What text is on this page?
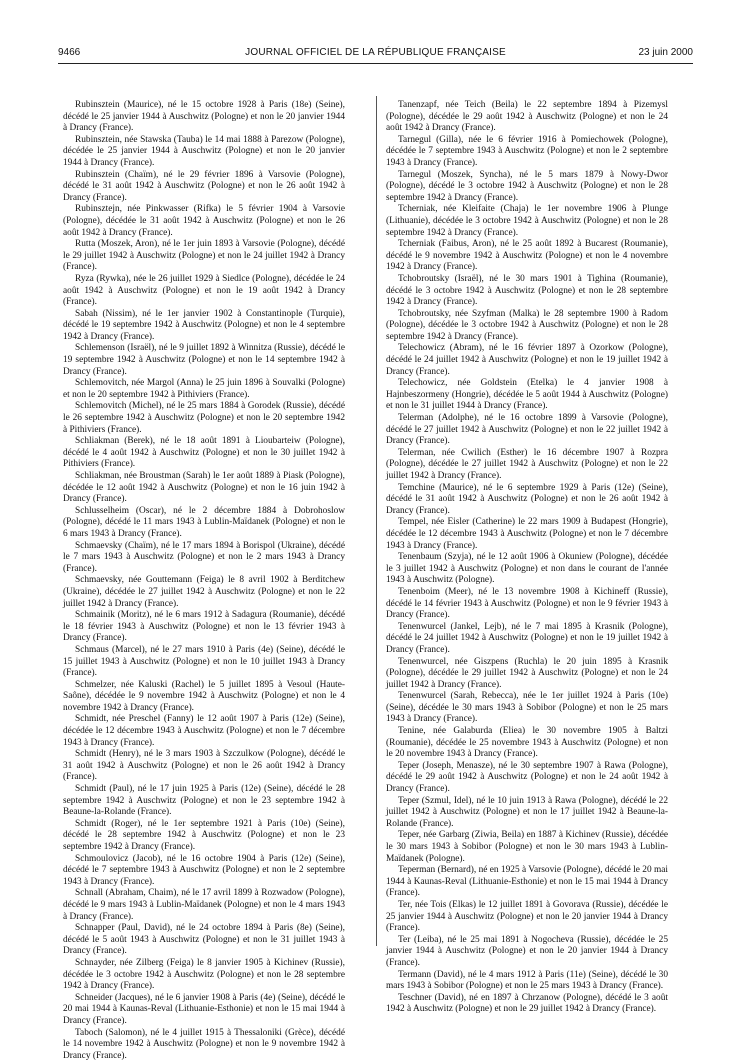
9466	JOURNAL OFFICIEL DE LA RÉPUBLIQUE FRANÇAISE	23 juin 2000

Rubinsztein (Maurice), né le 15 octobre 1928 à Paris (18e) (Seine), décédé le 25 janvier 1944 à Auschwitz (Pologne) et non le 20 janvier 1944 à Drancy (France).

Rubinsztein, née Stawska (Tauba) le 14 mai 1888 à Parezow (Pologne), décédée le 25 janvier 1944 à Auschwitz (Pologne) et non le 20 janvier 1944 à Drancy (France).

Rubinsztein (Chaïm), né le 29 février 1896 à Varsovie (Pologne), décédé le 31 août 1942 à Auschwitz (Pologne) et non le 26 août 1942 à Drancy (France).

Rubinsztejn, née Pinkwasser (Rifka) le 5 février 1904 à Varsovie (Pologne), décédée le 31 août 1942 à Auschwitz (Pologne) et non le 26 août 1942 à Drancy (France).

Rutta (Moszek, Aron), né le 1er juin 1893 à Varsovie (Pologne), décédé le 29 juillet 1942 à Auschwitz (Pologne) et non le 24 juillet 1942 à Drancy (France).

Ryza (Rywka), née le 26 juillet 1929 à Siedlce (Pologne), décédée le 24 août 1942 à Auschwitz (Pologne) et non le 19 août 1942 à Drancy (France).

Sabah (Nissim), né le 1er janvier 1902 à Constantinople (Turquie), décédé le 19 septembre 1942 à Auschwitz (Pologne) et non le 4 septembre 1942 à Drancy (France).

Schlemenson (Israël), né le 9 juillet 1892 à Winnitza (Russie), décédé le 19 septembre 1942 à Auschwitz (Pologne) et non le 14 septembre 1942 à Drancy (France).

Schlemovitch, née Margol (Anna) le 25 juin 1896 à Souvalki (Pologne) et non le 20 septembre 1942 à Pithiviers (France).

Schlemovitch (Michel), né le 25 mars 1884 à Gorodek (Russie), décédé le 26 septembre 1942 à Auschwitz (Pologne) et non le 20 septembre 1942 à Pithiviers (France).

Schliakman (Berek), né le 18 août 1891 à Lioubarteiw (Pologne), décédé le 4 août 1942 à Auschwitz (Pologne) et non le 30 juillet 1942 à Pithiviers (France).

Schliakman, née Broustman (Sarah) le 1er août 1889 à Piask (Pologne), décédée le 12 août 1942 à Auschwitz (Pologne) et non le 16 juin 1942 à Drancy (France).

Schlusselheim (Oscar), né le 2 décembre 1884 à Dobrohoslow (Pologne), décédé le 11 mars 1943 à Lublin-Maïdanek (Pologne) et non le 6 mars 1943 à Drancy (France).

Schmaevsky (Chaïm), né le 17 mars 1894 à Borispol (Ukraine), décédé le 7 mars 1943 à Auschwitz (Pologne) et non le 2 mars 1943 à Drancy (France).

Schmaevsky, née Gouttemann (Feiga) le 8 avril 1902 à Berditchew (Ukraine), décédée le 27 juillet 1942 à Auschwitz (Pologne) et non le 22 juillet 1942 à Drancy (France).

Schmainik (Moritz), né le 6 mars 1912 à Sadagura (Roumanie), décédé le 18 février 1943 à Auschwitz (Pologne) et non le 13 février 1943 à Drancy (France).

Schmaus (Marcel), né le 27 mars 1910 à Paris (4e) (Seine), décédé le 15 juillet 1943 à Auschwitz (Pologne) et non le 10 juillet 1943 à Drancy (France).

Schmelzer, née Kaluski (Rachel) le 5 juillet 1895 à Vesoul (Haute-Saône), décédée le 9 novembre 1942 à Auschwitz (Pologne) et non le 4 novembre 1942 à Drancy (France).

Schmidt, née Preschel (Fanny) le 12 août 1907 à Paris (12e) (Seine), décédée le 12 décembre 1943 à Auschwitz (Pologne) et non le 7 décembre 1943 à Drancy (France).

Schmidt (Henry), né le 3 mars 1903 à Szczulkow (Pologne), décédé le 31 août 1942 à Auschwitz (Pologne) et non le 26 août 1942 à Drancy (France).

Schmidt (Paul), né le 17 juin 1925 à Paris (12e) (Seine), décédé le 28 septembre 1942 à Auschwitz (Pologne) et non le 23 septembre 1942 à Beaune-la-Rolande (France).

Schmidt (Roger), né le 1er septembre 1921 à Paris (10e) (Seine), décédé le 28 septembre 1942 à Auschwitz (Pologne) et non le 23 septembre 1942 à Drancy (France).

Schmoulovicz (Jacob), né le 16 octobre 1904 à Paris (12e) (Seine), décédé le 7 septembre 1943 à Auschwitz (Pologne) et non le 2 septembre 1943 à Drancy (France).

Schnall (Abraham, Chaim), né le 17 avril 1899 à Rozwadow (Pologne), décédé le 9 mars 1943 à Lublin-Maïdanek (Pologne) et non le 4 mars 1943 à Drancy (France).

Schnapper (Paul, David), né le 24 octobre 1894 à Paris (8e) (Seine), décédé le 5 août 1943 à Auschwitz (Pologne) et non le 31 juillet 1943 à Drancy (France).

Schnayder, née Zilberg (Feiga) le 8 janvier 1905 à Kichinev (Russie), décédée le 3 octobre 1942 à Auschwitz (Pologne) et non le 28 septembre 1942 à Drancy (France).

Schneider (Jacques), né le 6 janvier 1908 à Paris (4e) (Seine), décédé le 20 mai 1944 à Kaunas-Reval (Lithuanie-Esthonie) et non le 15 mai 1944 à Drancy (France).

Taboch (Salomon), né le 4 juillet 1915 à Thessaloniki (Grèce), décédé le 14 novembre 1942 à Auschwitz (Pologne) et non le 9 novembre 1942 à Drancy (France).

Tanenzapf, née Teich (Beila) le 22 septembre 1894 à Pizemysl (Pologne), décédée le 29 août 1942 à Auschwitz (Pologne) et non le 24 août 1942 à Drancy (France).

Tarnegul (Gilla), née le 6 février 1916 à Pomiechowek (Pologne), décédée le 7 septembre 1943 à Auschwitz (Pologne) et non le 2 septembre 1943 à Drancy (France).

Tarnegul (Moszek, Syncha), né le 5 mars 1879 à Nowy-Dwor (Pologne), décédé le 3 octobre 1942 à Auschwitz (Pologne) et non le 28 septembre 1942 à Drancy (France).

Tcherniak, née Kleifaite (Chaja) le 1er novembre 1906 à Plunge (Lithuanie), décédée le 3 octobre 1942 à Auschwitz (Pologne) et non le 28 septembre 1942 à Drancy (France).

Tcherniak (Faibus, Aron), né le 25 août 1892 à Bucarest (Roumanie), décédé le 9 novembre 1942 à Auschwitz (Pologne) et non le 4 novembre 1942 à Drancy (France).

Tchobroutsky (Israël), né le 30 mars 1901 à Tighina (Roumanie), décédé le 3 octobre 1942 à Auschwitz (Pologne) et non le 28 septembre 1942 à Drancy (France).

Tchobroutsky, née Szyfman (Malka) le 28 septembre 1900 à Radom (Pologne), décédée le 3 octobre 1942 à Auschwitz (Pologne) et non le 28 septembre 1942 à Drancy (France).

Telechowicz (Abram), né le 16 février 1897 à Ozorkow (Pologne), décédé le 24 juillet 1942 à Auschwitz (Pologne) et non le 19 juillet 1942 à Drancy (France).

Telechowicz, née Goldstein (Etelka) le 4 janvier 1908 à Hajnbeszormeny (Hongrie), décédée le 5 août 1944 à Auschwitz (Pologne) et non le 31 juillet 1944 à Drancy (France).

Telerman (Adolphe), né le 16 octobre 1899 à Varsovie (Pologne), décédé le 27 juillet 1942 à Auschwitz (Pologne) et non le 22 juillet 1942 à Drancy (France).

Telerman, née Cwilich (Esther) le 16 décembre 1907 à Rozpra (Pologne), décédée le 27 juillet 1942 à Auschwitz (Pologne) et non le 22 juillet 1942 à Drancy (France).

Temchine (Maurice), né le 6 septembre 1929 à Paris (12e) (Seine), décédé le 31 août 1942 à Auschwitz (Pologne) et non le 26 août 1942 à Drancy (France).

Tempel, née Eisler (Catherine) le 22 mars 1909 à Budapest (Hongrie), décédée le 12 décembre 1943 à Auschwitz (Pologne) et non le 7 décembre 1943 à Drancy (France).

Tenenbaum (Szyja), né le 12 août 1906 à Okuniew (Pologne), décédée le 3 juillet 1942 à Auschwitz (Pologne) et non dans le courant de l'année 1943 à Auschwitz (Pologne).

Tenenboim (Meer), né le 13 novembre 1908 à Kichineff (Russie), décédé le 14 février 1943 à Auschwitz (Pologne) et non le 9 février 1943 à Drancy (France).

Tenenwurcel (Jankel, Lejb), né le 7 mai 1895 à Krasnik (Pologne), décédé le 24 juillet 1942 à Auschwitz (Pologne) et non le 19 juillet 1942 à Drancy (France).

Tenenwurcel, née Giszpens (Ruchla) le 20 juin 1895 à Krasnik (Pologne), décédée le 29 juillet 1942 à Auschwitz (Pologne) et non le 24 juillet 1942 à Drancy (France).

Tenenwurcel (Sarah, Rebecca), née le 1er juillet 1924 à Paris (10e) (Seine), décédée le 30 mars 1943 à Sobibor (Pologne) et non le 25 mars 1943 à Drancy (France).

Tenine, née Galaburda (Eliea) le 30 novembre 1905 à Baltzi (Roumanie), décédée le 25 novembre 1943 à Auschwitz (Pologne) et non le 20 novembre 1943 à Drancy (France).

Teper (Joseph, Menasze), né le 30 septembre 1907 à Rawa (Pologne), décédé le 29 août 1942 à Auschwitz (Pologne) et non le 24 août 1942 à Drancy (France).

Teper (Szmul, Idel), né le 10 juin 1913 à Rawa (Pologne), décédé le 22 juillet 1942 à Auschwitz (Pologne) et non le 17 juillet 1942 à Beaune-la-Rolande (France).

Teper, née Garbarg (Ziwia, Beila) en 1887 à Kichinev (Russie), décédée le 30 mars 1943 à Sobibor (Pologne) et non le 30 mars 1943 à Lublin-Maïdanek (Pologne).

Teperman (Bernard), né en 1925 à Varsovie (Pologne), décédé le 20 mai 1944 à Kaunas-Reval (Lithuanie-Esthonie) et non le 15 mai 1944 à Drancy (France).

Ter, née Tois (Elkas) le 12 juillet 1891 à Govorava (Russie), décédée le 25 janvier 1944 à Auschwitz (Pologne) et non le 20 janvier 1944 à Drancy (France).

Ter (Leiba), né le 25 mai 1891 à Nogocheva (Russie), décédée le 25 janvier 1944 à Auschwitz (Pologne) et non le 20 janvier 1944 à Drancy (France).

Termann (David), né le 4 mars 1912 à Paris (11e) (Seine), décédé le 30 mars 1943 à Sobibor (Pologne) et non le 25 mars 1943 à Drancy (France).

Teschner (David), né en 1897 à Chrzanow (Pologne), décédé le 3 août 1942 à Auschwitz (Pologne) et non le 29 juillet 1942 à Drancy (France).
